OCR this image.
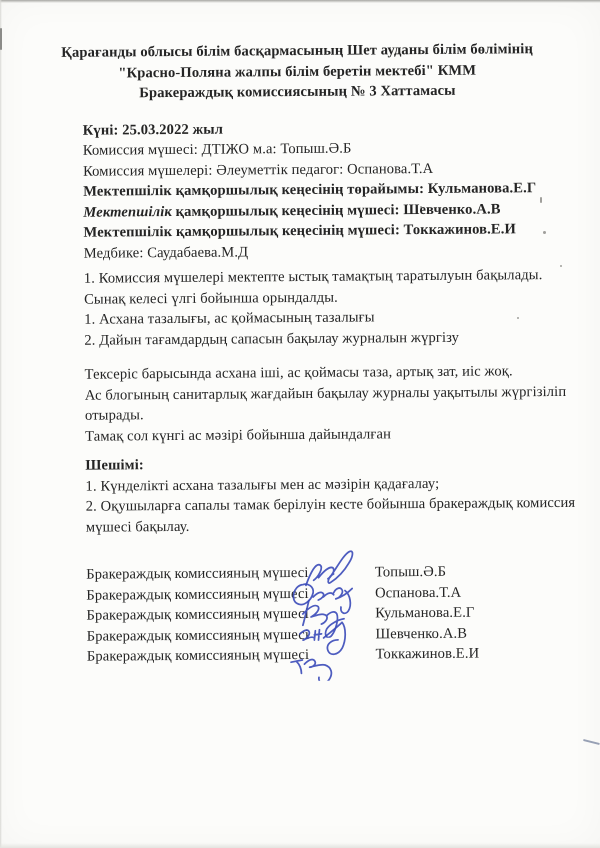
Қарағанды облысы білім басқармасының Шет ауданы білім бөлімінің
"Красно-Поляна жалпы білім беретін мектебі" КММ
Бракераждық комиссиясының № 3 Хаттамасы
Күні: 25.03.2022 жыл
Комиссия мүшесі: ДТІЖО м.а: Топыш.Ә.Б
Комиссия мүшелері: Әлеуметтік педагог: Оспанова.Т.А
Мектепшілік қамқоршылық кеңесінің төрайымы: Кульманова.Е.Г
Мектепшілік қамқоршылық кеңесінің мүшесі: Шевченко.А.В
Мектепшілік қамқоршылық кеңесінің мүшесі: Токкажинов.Е.И
Медбике: Саудабаева.М.Д
1. Комиссия мүшелері мектепте ыстық тамақтың таратылуын бақылады.
Сынақ келесі үлгі бойынша орындалды.
1. Асхана тазалығы, ас қоймасының тазалығы
2. Дайын тағамдардың сапасын бақылау журналын жүргізу
Тексеріс барысында асхана іші, ас қоймасы таза, артық зат, иіс жоқ.
Ас блогының санитарлық жағдайын бақылау журналы уақытылы жүргізіліп
отырады.
Тамақ сол күнгі ас мәзірі бойынша дайындалған
Шешімі:
1. Күнделікті асхана тазалығы мен ас мәзірін қадағалау;
2. Оқушыларға сапалы тамак берілуін кесте бойынша бракераждық комиссия
мүшесі бақылау.
Бракераждық комиссияның мүшесі	Топыш.Ә.Б
Бракераждық комиссияның мүшесі	Оспанова.Т.А
Бракераждық комиссияның мүшесі	Кульманова.Е.Г
Бракераждық комиссияның мүшесі	Шевченко.А.В
Бракераждық комиссияның мүшесі	Токкажинов.Е.И
